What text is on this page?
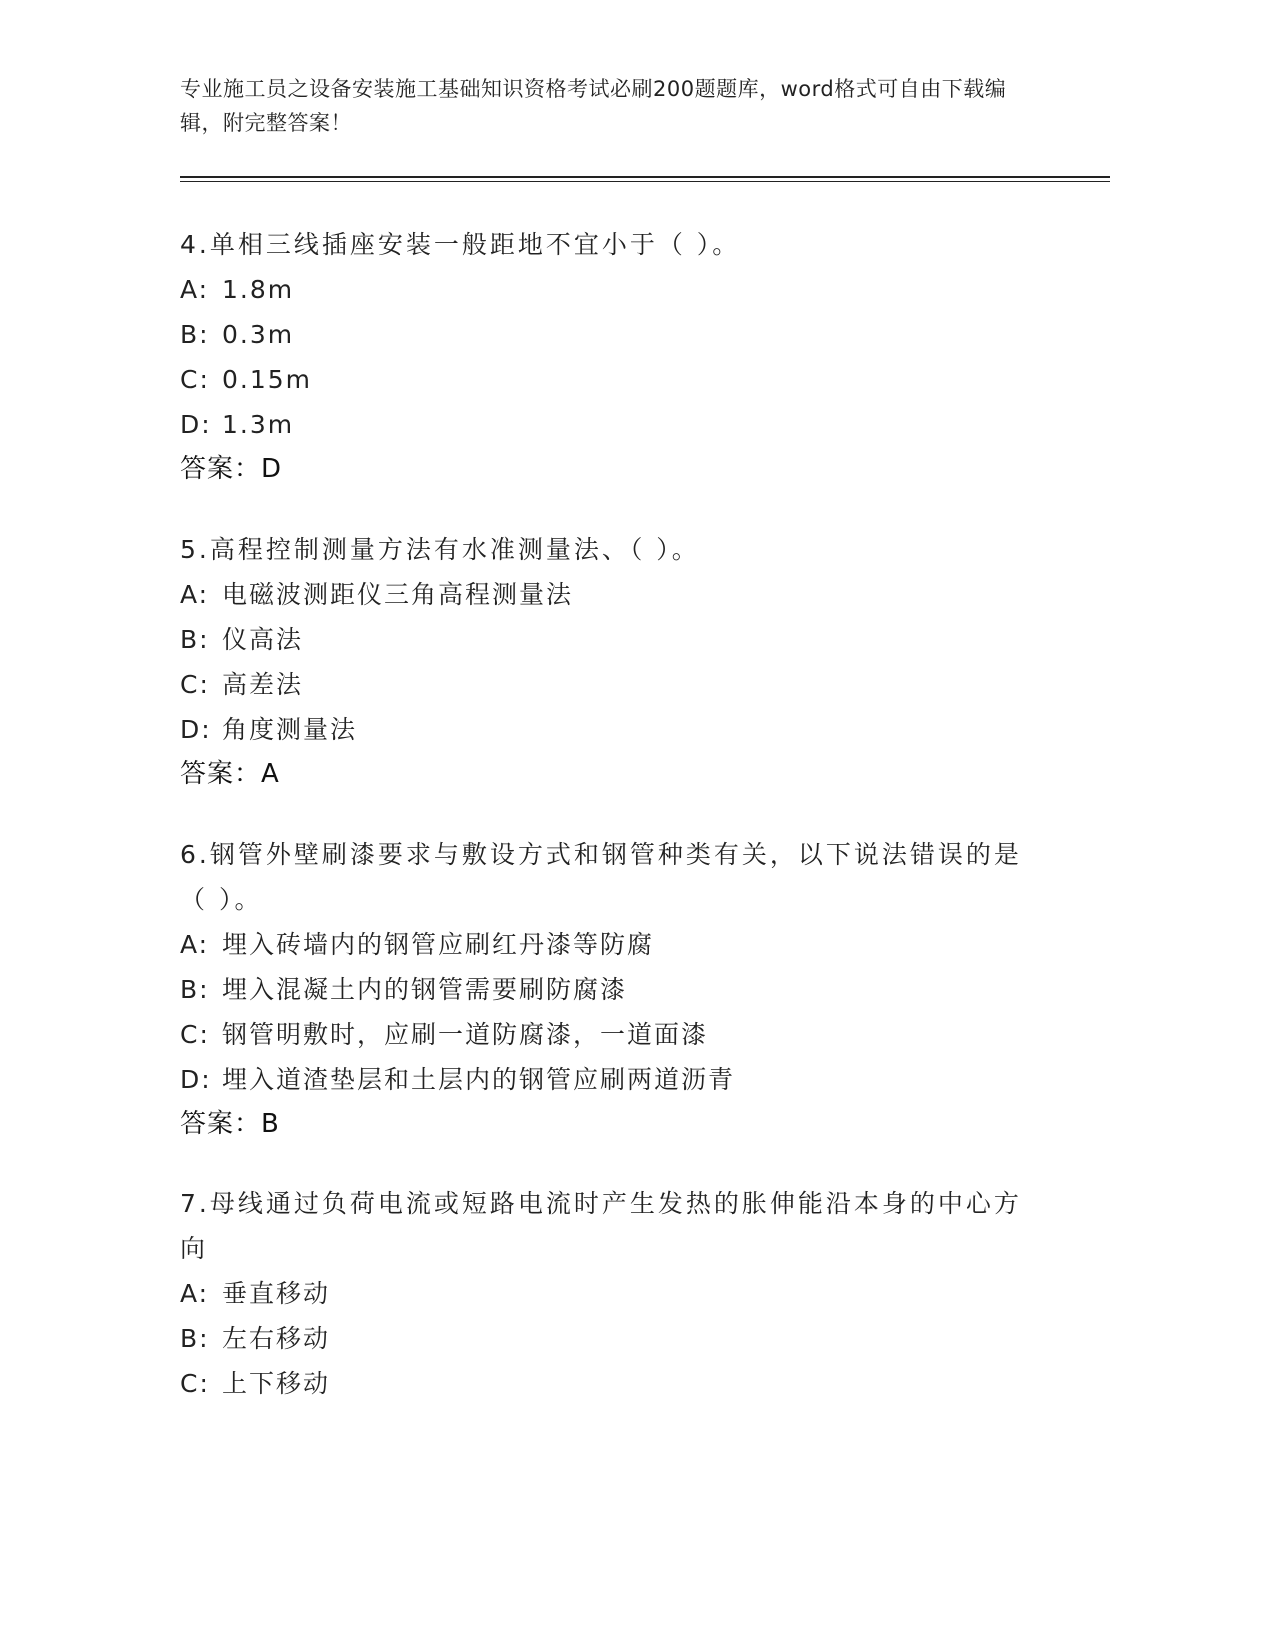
专业施工员之设备安装施工基础知识资格考试必刷200题题库，word格式可自由下载编辑，附完整答案！
4.单相三线插座安装一般距地不宜小于（ ）。
A: 1.8m
B: 0.3m
C: 0.15m
D: 1.3m
答案：D
5.高程控制测量方法有水准测量法、（ ）。
A: 电磁波测距仪三角高程测量法
B: 仪高法
C: 高差法
D: 角度测量法
答案：A
6.钢管外壁刷漆要求与敷设方式和钢管种类有关，以下说法错误的是（ ）。
A: 埋入砖墙内的钢管应刷红丹漆等防腐
B: 埋入混凝土内的钢管需要刷防腐漆
C: 钢管明敷时，应刷一道防腐漆，一道面漆
D: 埋入道渣垫层和土层内的钢管应刷两道沥青
答案：B
7.母线通过负荷电流或短路电流时产生发热的胀伸能沿本身的中心方向
A: 垂直移动
B: 左右移动
C: 上下移动
